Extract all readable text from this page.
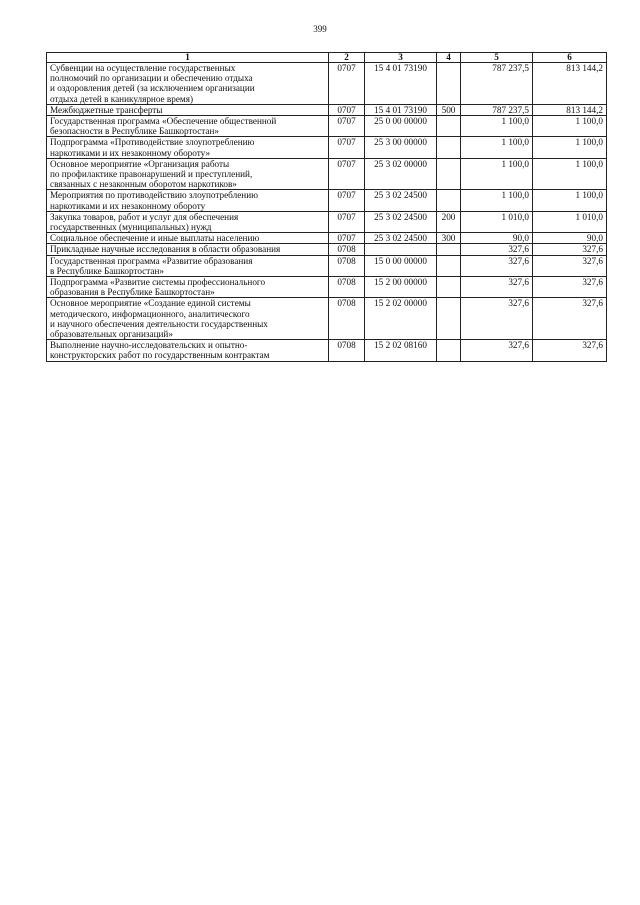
399
1	2	3	4	5	6
Субвенции на осуществление государственных
полномочий по организации и обеспечению отдыха
и оздоровления детей (за исключением организации
отдыха детей в каникулярное время)	0707	15 4 01 73190		787 237,5	813 144,2
Межбюджетные трансферты	0707	15 4 01 73190	500	787 237,5	813 144,2
Государственная программа «Обеспечение общественной
безопасности в Республике Башкортостан»	0707	25 0 00 00000		1 100,0	1 100,0
Подпрограмма «Противодействие злоупотреблению
наркотиками и их незаконному обороту»	0707	25 3 00 00000		1 100,0	1 100,0
Основное мероприятие «Организация работы
по профилактике правонарушений и преступлений,
связанных с незаконным оборотом наркотиков»	0707	25 3 02 00000		1 100,0	1 100,0
Мероприятия по противодействию злоупотреблению
наркотиками и их незаконному обороту	0707	25 3 02 24500		1 100,0	1 100,0
Закупка товаров, работ и услуг для обеспечения
государственных (муниципальных) нужд	0707	25 3 02 24500	200	1 010,0	1 010,0
Социальное обеспечение и иные выплаты населению	0707	25 3 02 24500	300	90,0	90,0
Прикладные научные исследования в области образования	0708			327,6	327,6
Государственная программа «Развитие образования
в Республике Башкортостан»	0708	15 0 00 00000		327,6	327,6
Подпрограмма «Развитие системы профессионального
образования в Республике Башкортостан»	0708	15 2 00 00000		327,6	327,6
Основное мероприятие «Создание единой системы
методического, информационного, аналитического
и научного обеспечения деятельности государственных
образовательных организаций»	0708	15 2 02 00000		327,6	327,6
Выполнение научно-исследовательских и опытно-
конструкторских работ по государственным контрактам	0708	15 2 02 08160		327,6	327,6
